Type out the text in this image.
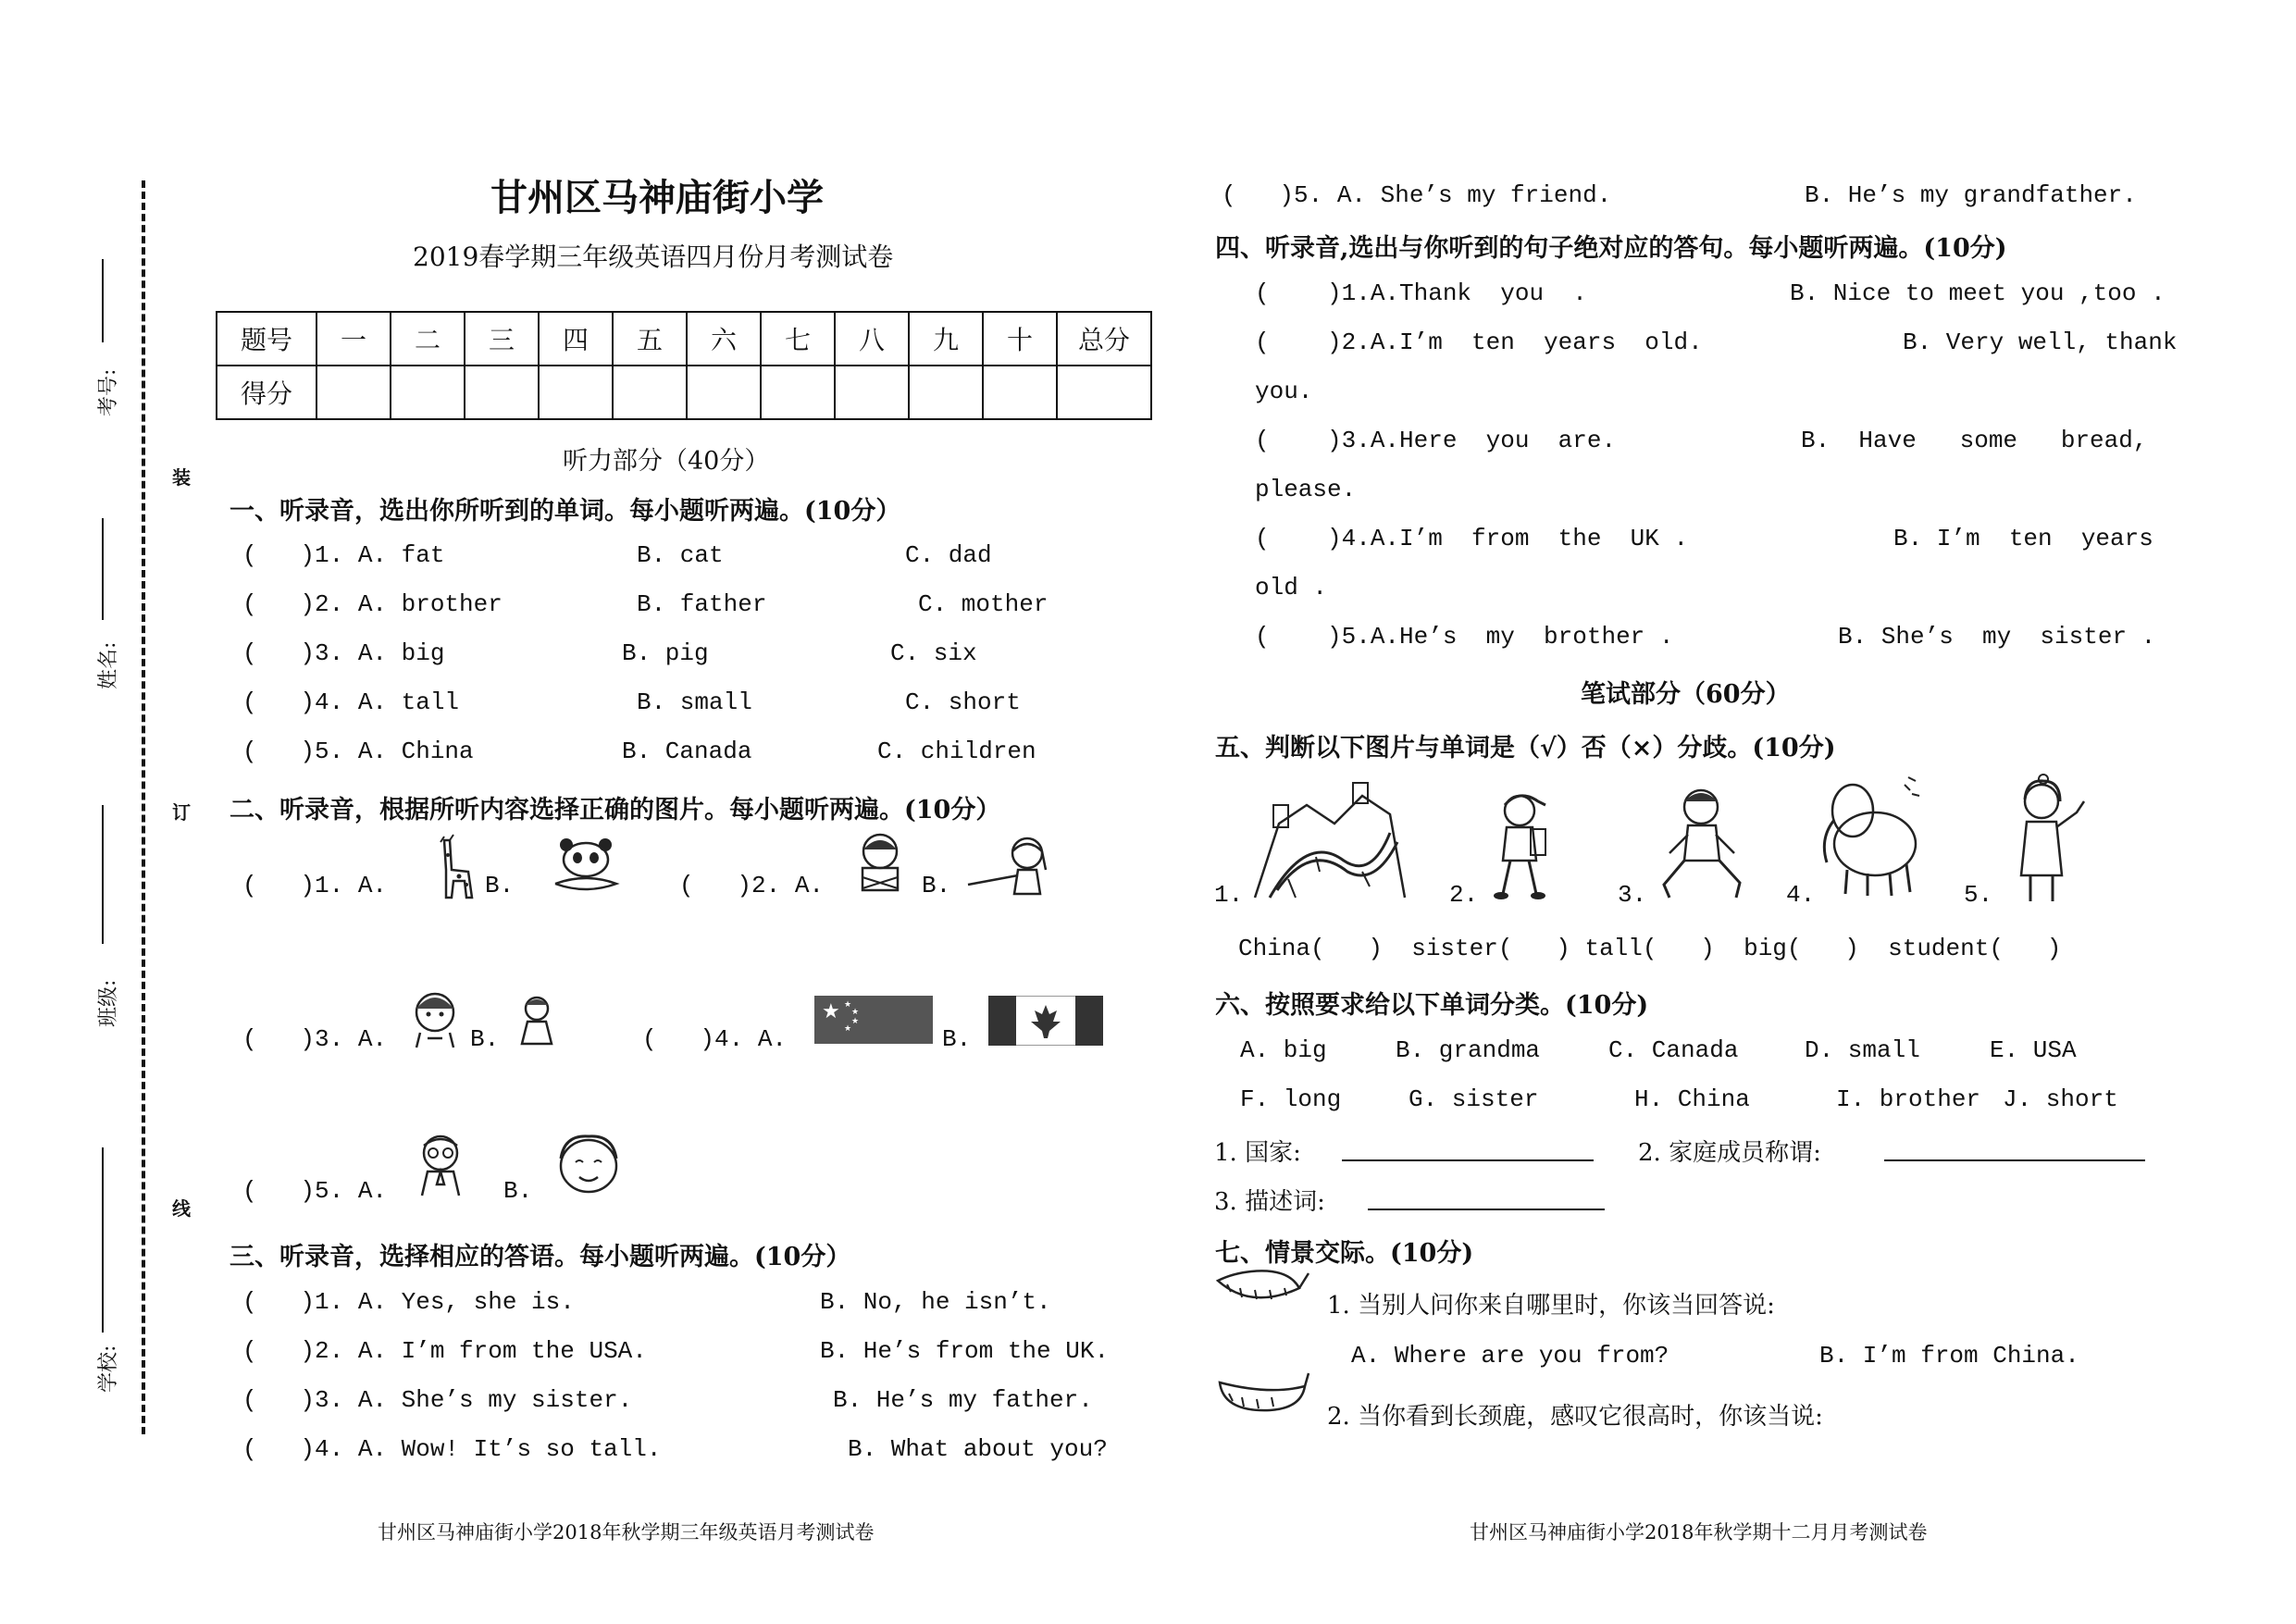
考号:
姓名:
班级:
学校:
装
订
线
甘州区马神庙街小学
2019春学期三年级英语四月份月考测试卷
题号	一	二	三	四	五	六	七	八	九	十	总分
得分											
听力部分（40分）
一、听录音，选出你所听到的单词。每小题听两遍。(10分）
(   )1. A. fat	B. cat	C. dad
(   )2. A. brother	B. father	C. mother
(   )3. A. big	B. pig	C. six
(   )4. A. tall	B. small	C. short
(   )5. A. China	B. Canada	C. children
二、听录音，根据所听内容选择正确的图片。每小题听两遍。(10分）
(   )1. A.	B.	(   )2. A.	B.
(   )3. A.	B.	(   )4. A.
★ ★
★
★
★	B.
(   )5. A.	B.
三、听录音，选择相应的答语。每小题听两遍。(10分）
(   )1. A. Yes, she is.	B. No, he isn’t.
(   )2. A. I’m from the USA.	B. He’s from the UK.
(   )3. A. She’s my sister.	B. He’s my father.
(   )4. A. Wow! It’s so tall.	B. What about you?
甘州区马神庙街小学2018年秋学期三年级英语月考测试卷
(   )5. A. She’s my friend.	B. He’s my grandfather.
四、听录音,选出与你听到的句子绝对应的答句。每小题听两遍。(10分)
(    )1.A.Thank  you  .	B. Nice to meet you ,too .
(    )2.A.I’m  ten  years  old.	B. Very well, thank
you.
(    )3.A.Here  you  are.	B.  Have   some   bread,
please.
(    )4.A.I’m  from  the  UK .	B. I’m  ten  years
old .
(    )5.A.He’s  my  brother .	B. She’s  my  sister .
笔试部分（60分）
五、判断以下图片与单词是（√）否（×）分歧。(10分)
1.	2.	3.	4.	5.
China(   )  sister(   ) tall(   )  big(   )  student(   )
六、按照要求给以下单词分类。(10分)
A. big	B. grandma	C. Canada	D. small	E. USA
F. long	G. sister	H. China	I. brother J. short
1. 国家:	2. 家庭成员称谓:
3. 描述词:
七、情景交际。(10分)
1. 当别人问你来自哪里时，你该当回答说:
A. Where are you from?	B. I’m from China.
2. 当你看到长颈鹿，感叹它很高时，你该当说:
甘州区马神庙街小学2018年秋学期十二月月考测试卷
